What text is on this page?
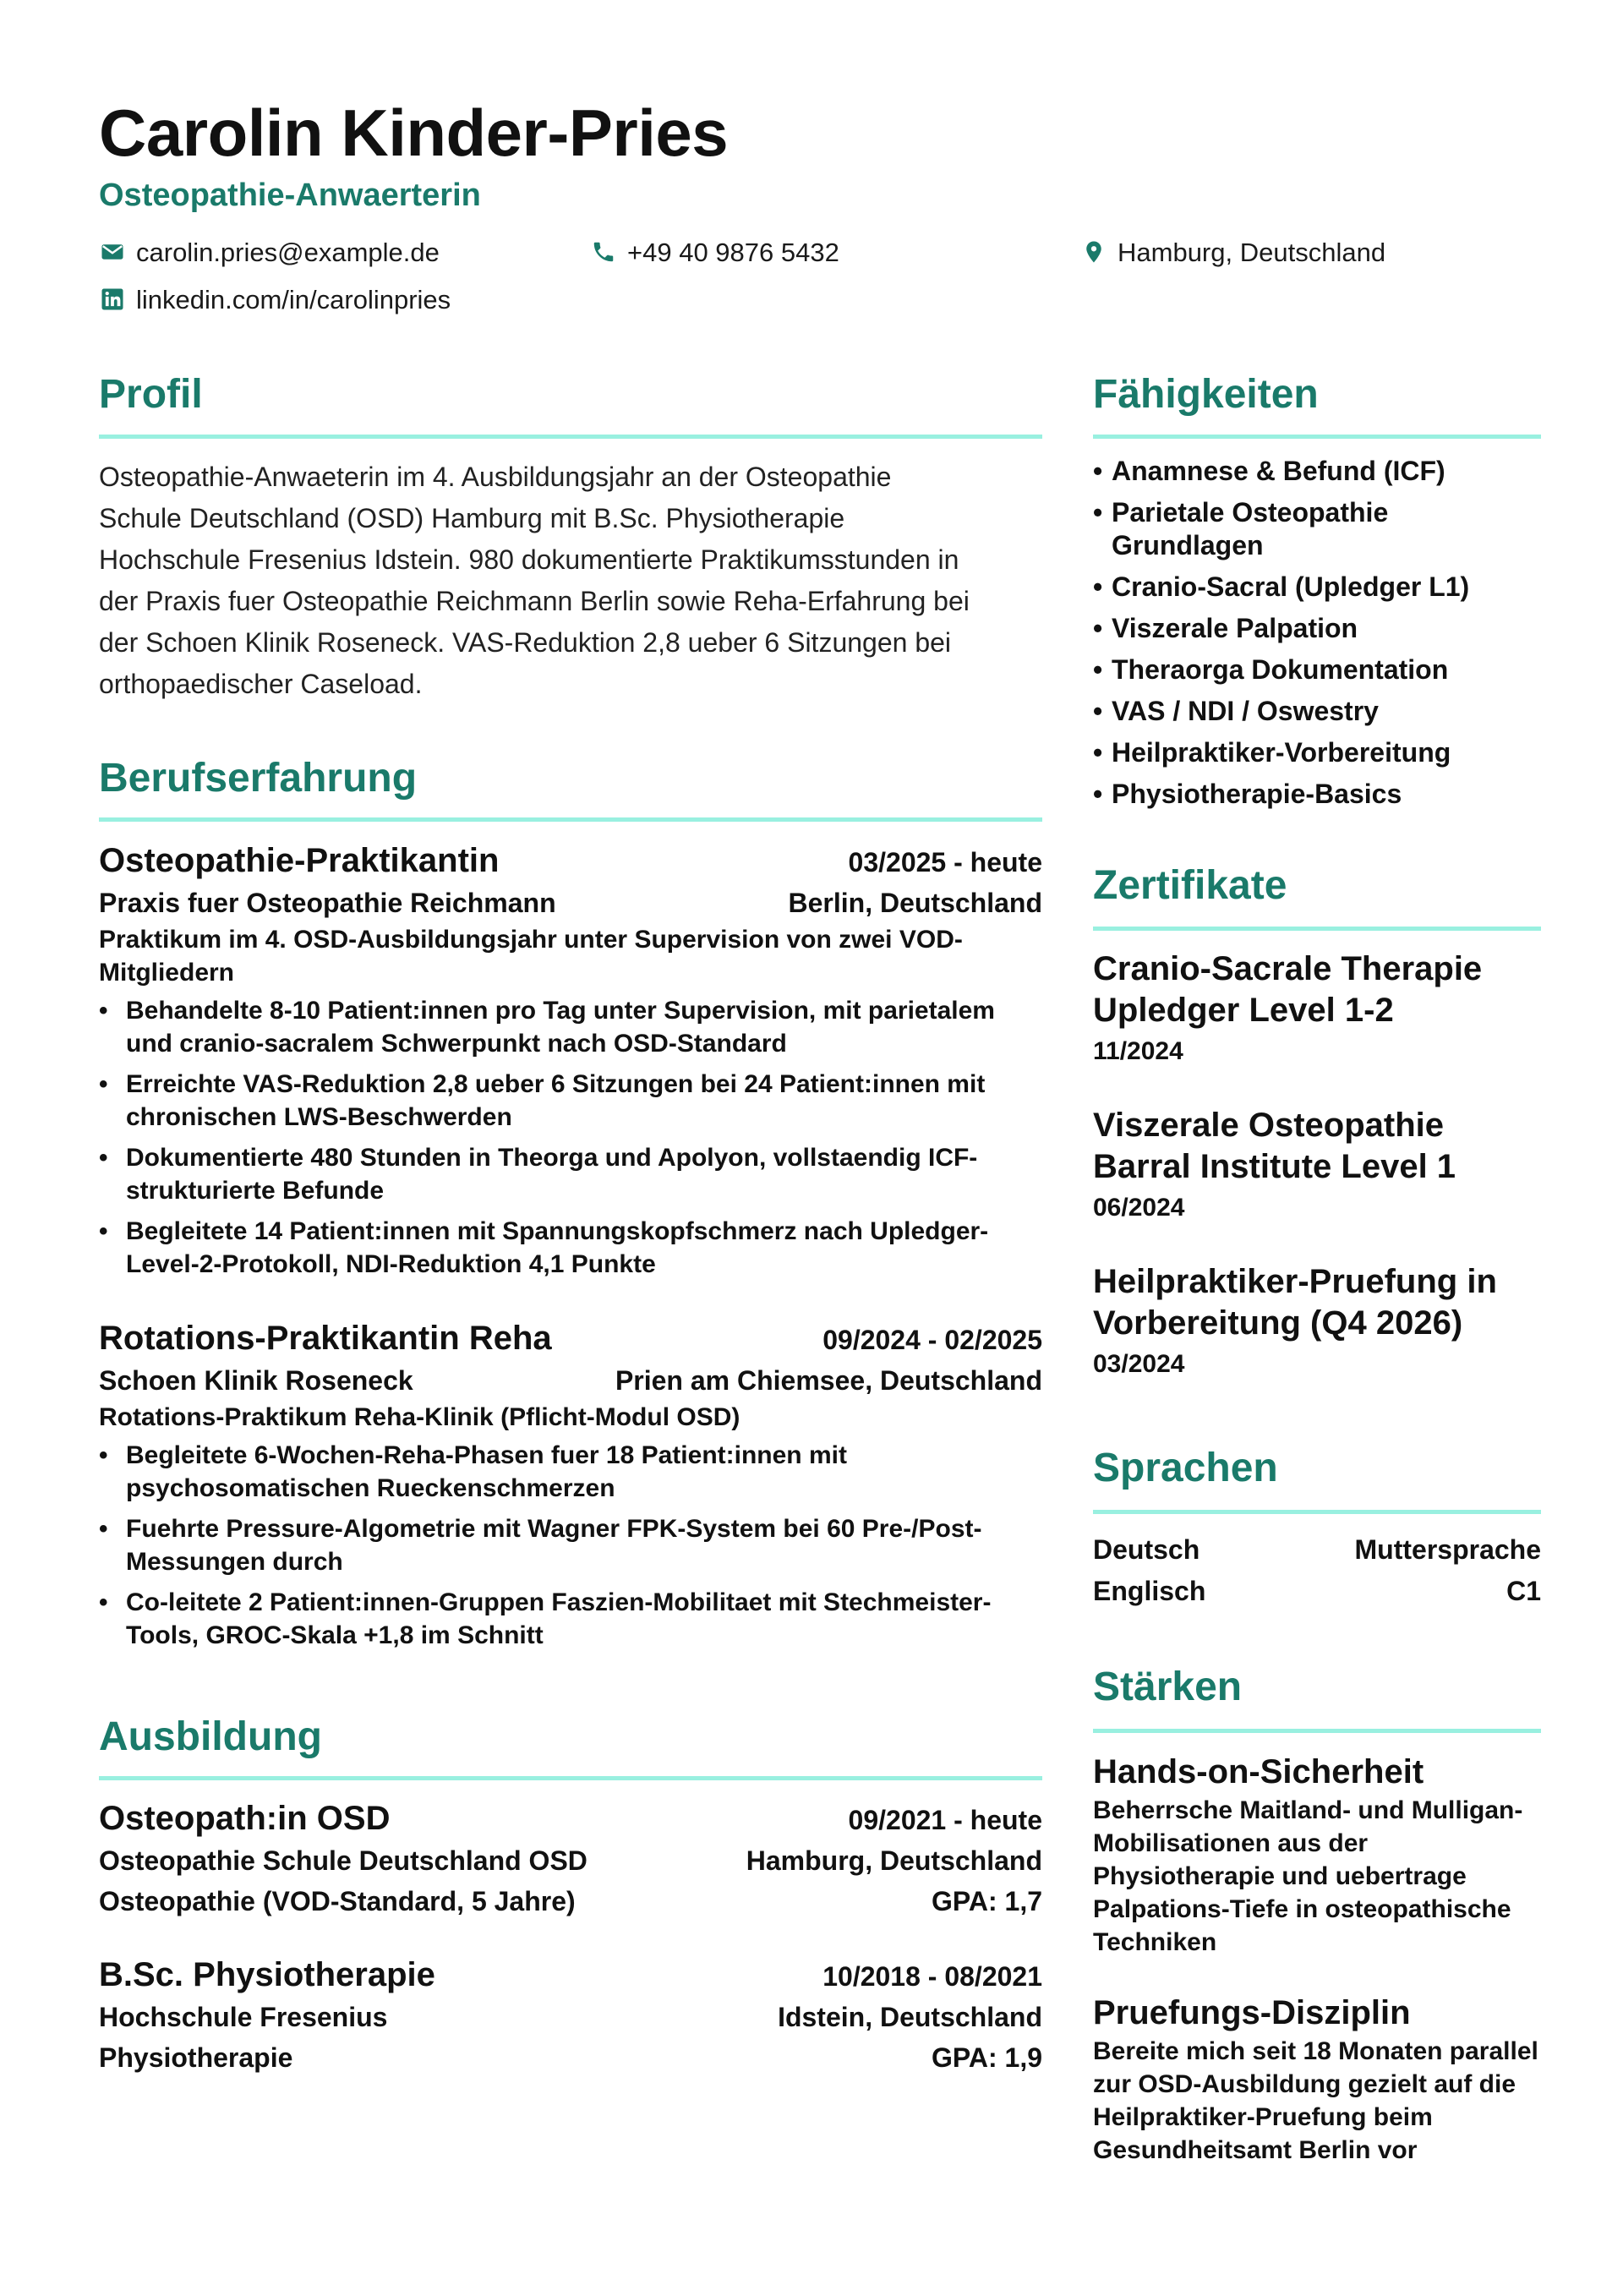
Carolin Kinder-Pries
Osteopathie-Anwaerterin
carolin.pries@example.de	+49 40 9876 5432	Hamburg, Deutschland
linkedin.com/in/carolinpries
Profil
Osteopathie-Anwaeterin im 4. Ausbildungsjahr an der Osteopathie
Schule Deutschland (OSD) Hamburg mit B.Sc. Physiotherapie
Hochschule Fresenius Idstein. 980 dokumentierte Praktikumsstunden in
der Praxis fuer Osteopathie Reichmann Berlin sowie Reha-Erfahrung bei
der Schoen Klinik Roseneck. VAS-Reduktion 2,8 ueber 6 Sitzungen bei
orthopaedischer Caseload.
Berufserfahrung
Osteopathie-Praktikantin	03/2025 - heute
Praxis fuer Osteopathie Reichmann	Berlin, Deutschland
Praktikum im 4. OSD-Ausbildungsjahr unter Supervision von zwei VOD-Mitgliedern
• Behandelte 8-10 Patient:innen pro Tag unter Supervision, mit parietalem und cranio-sacralem Schwerpunkt nach OSD-Standard
• Erreichte VAS-Reduktion 2,8 ueber 6 Sitzungen bei 24 Patient:innen mit chronischen LWS-Beschwerden
• Dokumentierte 480 Stunden in Theorga und Apolyon, vollstaendig ICF-strukturierte Befunde
• Begleitete 14 Patient:innen mit Spannungskopfschmerz nach Upledger-Level-2-Protokoll, NDI-Reduktion 4,1 Punkte
Rotations-Praktikantin Reha	09/2024 - 02/2025
Schoen Klinik Roseneck	Prien am Chiemsee, Deutschland
Rotations-Praktikum Reha-Klinik (Pflicht-Modul OSD)
• Begleitete 6-Wochen-Reha-Phasen fuer 18 Patient:innen mit psychosomatischen Rueckenschmerzen
• Fuehrte Pressure-Algometrie mit Wagner FPK-System bei 60 Pre-/Post-Messungen durch
• Co-leitete 2 Patient:innen-Gruppen Faszien-Mobilitaet mit Stechmeister-Tools, GROC-Skala +1,8 im Schnitt
Ausbildung
Osteopath:in OSD	09/2021 - heute
Osteopathie Schule Deutschland OSD	Hamburg, Deutschland
Osteopathie (VOD-Standard, 5 Jahre)	GPA: 1,7
B.Sc. Physiotherapie	10/2018 - 08/2021
Hochschule Fresenius	Idstein, Deutschland
Physiotherapie	GPA: 1,9
Fähigkeiten
• Anamnese & Befund (ICF)
• Parietale Osteopathie Grundlagen
• Cranio-Sacral (Upledger L1)
• Viszerale Palpation
• Theraorga Dokumentation
• VAS / NDI / Oswestry
• Heilpraktiker-Vorbereitung
• Physiotherapie-Basics
Zertifikate
Cranio-Sacrale Therapie Upledger Level 1-2
11/2024
Viszerale Osteopathie Barral Institute Level 1
06/2024
Heilpraktiker-Pruefung in Vorbereitung (Q4 2026)
03/2024
Sprachen
Deutsch	Muttersprache
Englisch	C1
Stärken
Hands-on-Sicherheit
Beherrsche Maitland- und Mulligan-Mobilisationen aus der Physiotherapie und uebertrage Palpations-Tiefe in osteopathische Techniken
Pruefungs-Disziplin
Bereite mich seit 18 Monaten parallel zur OSD-Ausbildung gezielt auf die Heilpraktiker-Pruefung beim Gesundheitsamt Berlin vor
